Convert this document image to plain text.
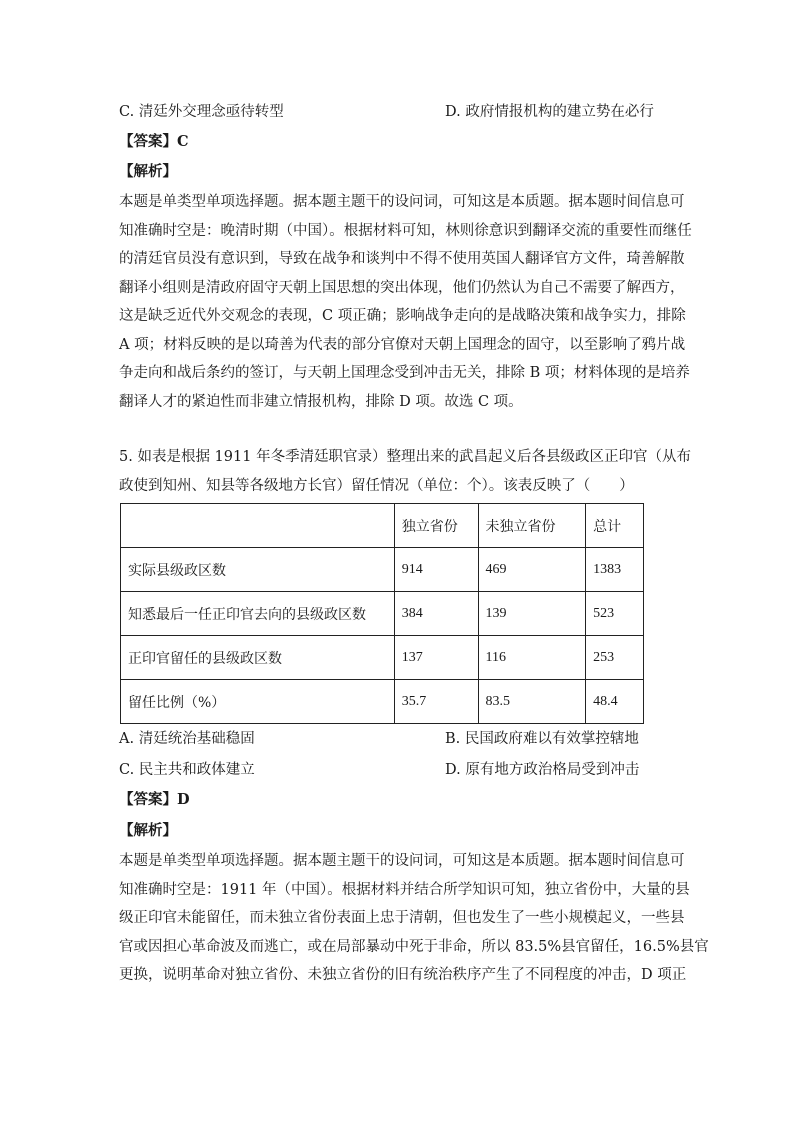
C. 清廷外交理念亟待转型	D. 政府情报机构的建立势在必行
【答案】C
【解析】
本题是单类型单项选择题。据本题主题干的设问词，可知这是本质题。据本题时间信息可
知准确时空是：晚清时期（中国）。根据材料可知，林则徐意识到翻译交流的重要性而继任
的清廷官员没有意识到，导致在战争和谈判中不得不使用英国人翻译官方文件，琦善解散
翻译小组则是清政府固守天朝上国思想的突出体现，他们仍然认为自己不需要了解西方，
这是缺乏近代外交观念的表现，C 项正确；影响战争走向的是战略决策和战争实力，排除
A 项；材料反映的是以琦善为代表的部分官僚对天朝上国理念的固守，以至影响了鸦片战
争走向和战后条约的签订，与天朝上国理念受到冲击无关，排除 B 项；材料体现的是培养
翻译人才的紧迫性而非建立情报机构，排除 D 项。故选 C 项。
5. 如表是根据 1911 年冬季清廷职官录）整理出来的武昌起义后各县级政区正印官（从布
政使到知州、知县等各级地方长官）留任情况（单位：个）。该表反映了（　　）
	独立省份	未独立省份	总计
实际县级政区数	914	469	1383
知悉最后一任正印官去向的县级政区数	384	139	523
正印官留任的县级政区数	137	116	253
留任比例（%）	35.7	83.5	48.4
A. 清廷统治基础稳固	B. 民国政府难以有效掌控辖地
C. 民主共和政体建立	D. 原有地方政治格局受到冲击
【答案】D
【解析】
本题是单类型单项选择题。据本题主题干的设问词，可知这是本质题。据本题时间信息可
知准确时空是：1911 年（中国）。根据材料并结合所学知识可知，独立省份中，大量的县
级正印官未能留任，而未独立省份表面上忠于清朝，但也发生了一些小规模起义，一些县
官或因担心革命波及而逃亡，或在局部暴动中死于非命，所以 83.5%县官留任，16.5%县官
更换，说明革命对独立省份、未独立省份的旧有统治秩序产生了不同程度的冲击，D 项正
